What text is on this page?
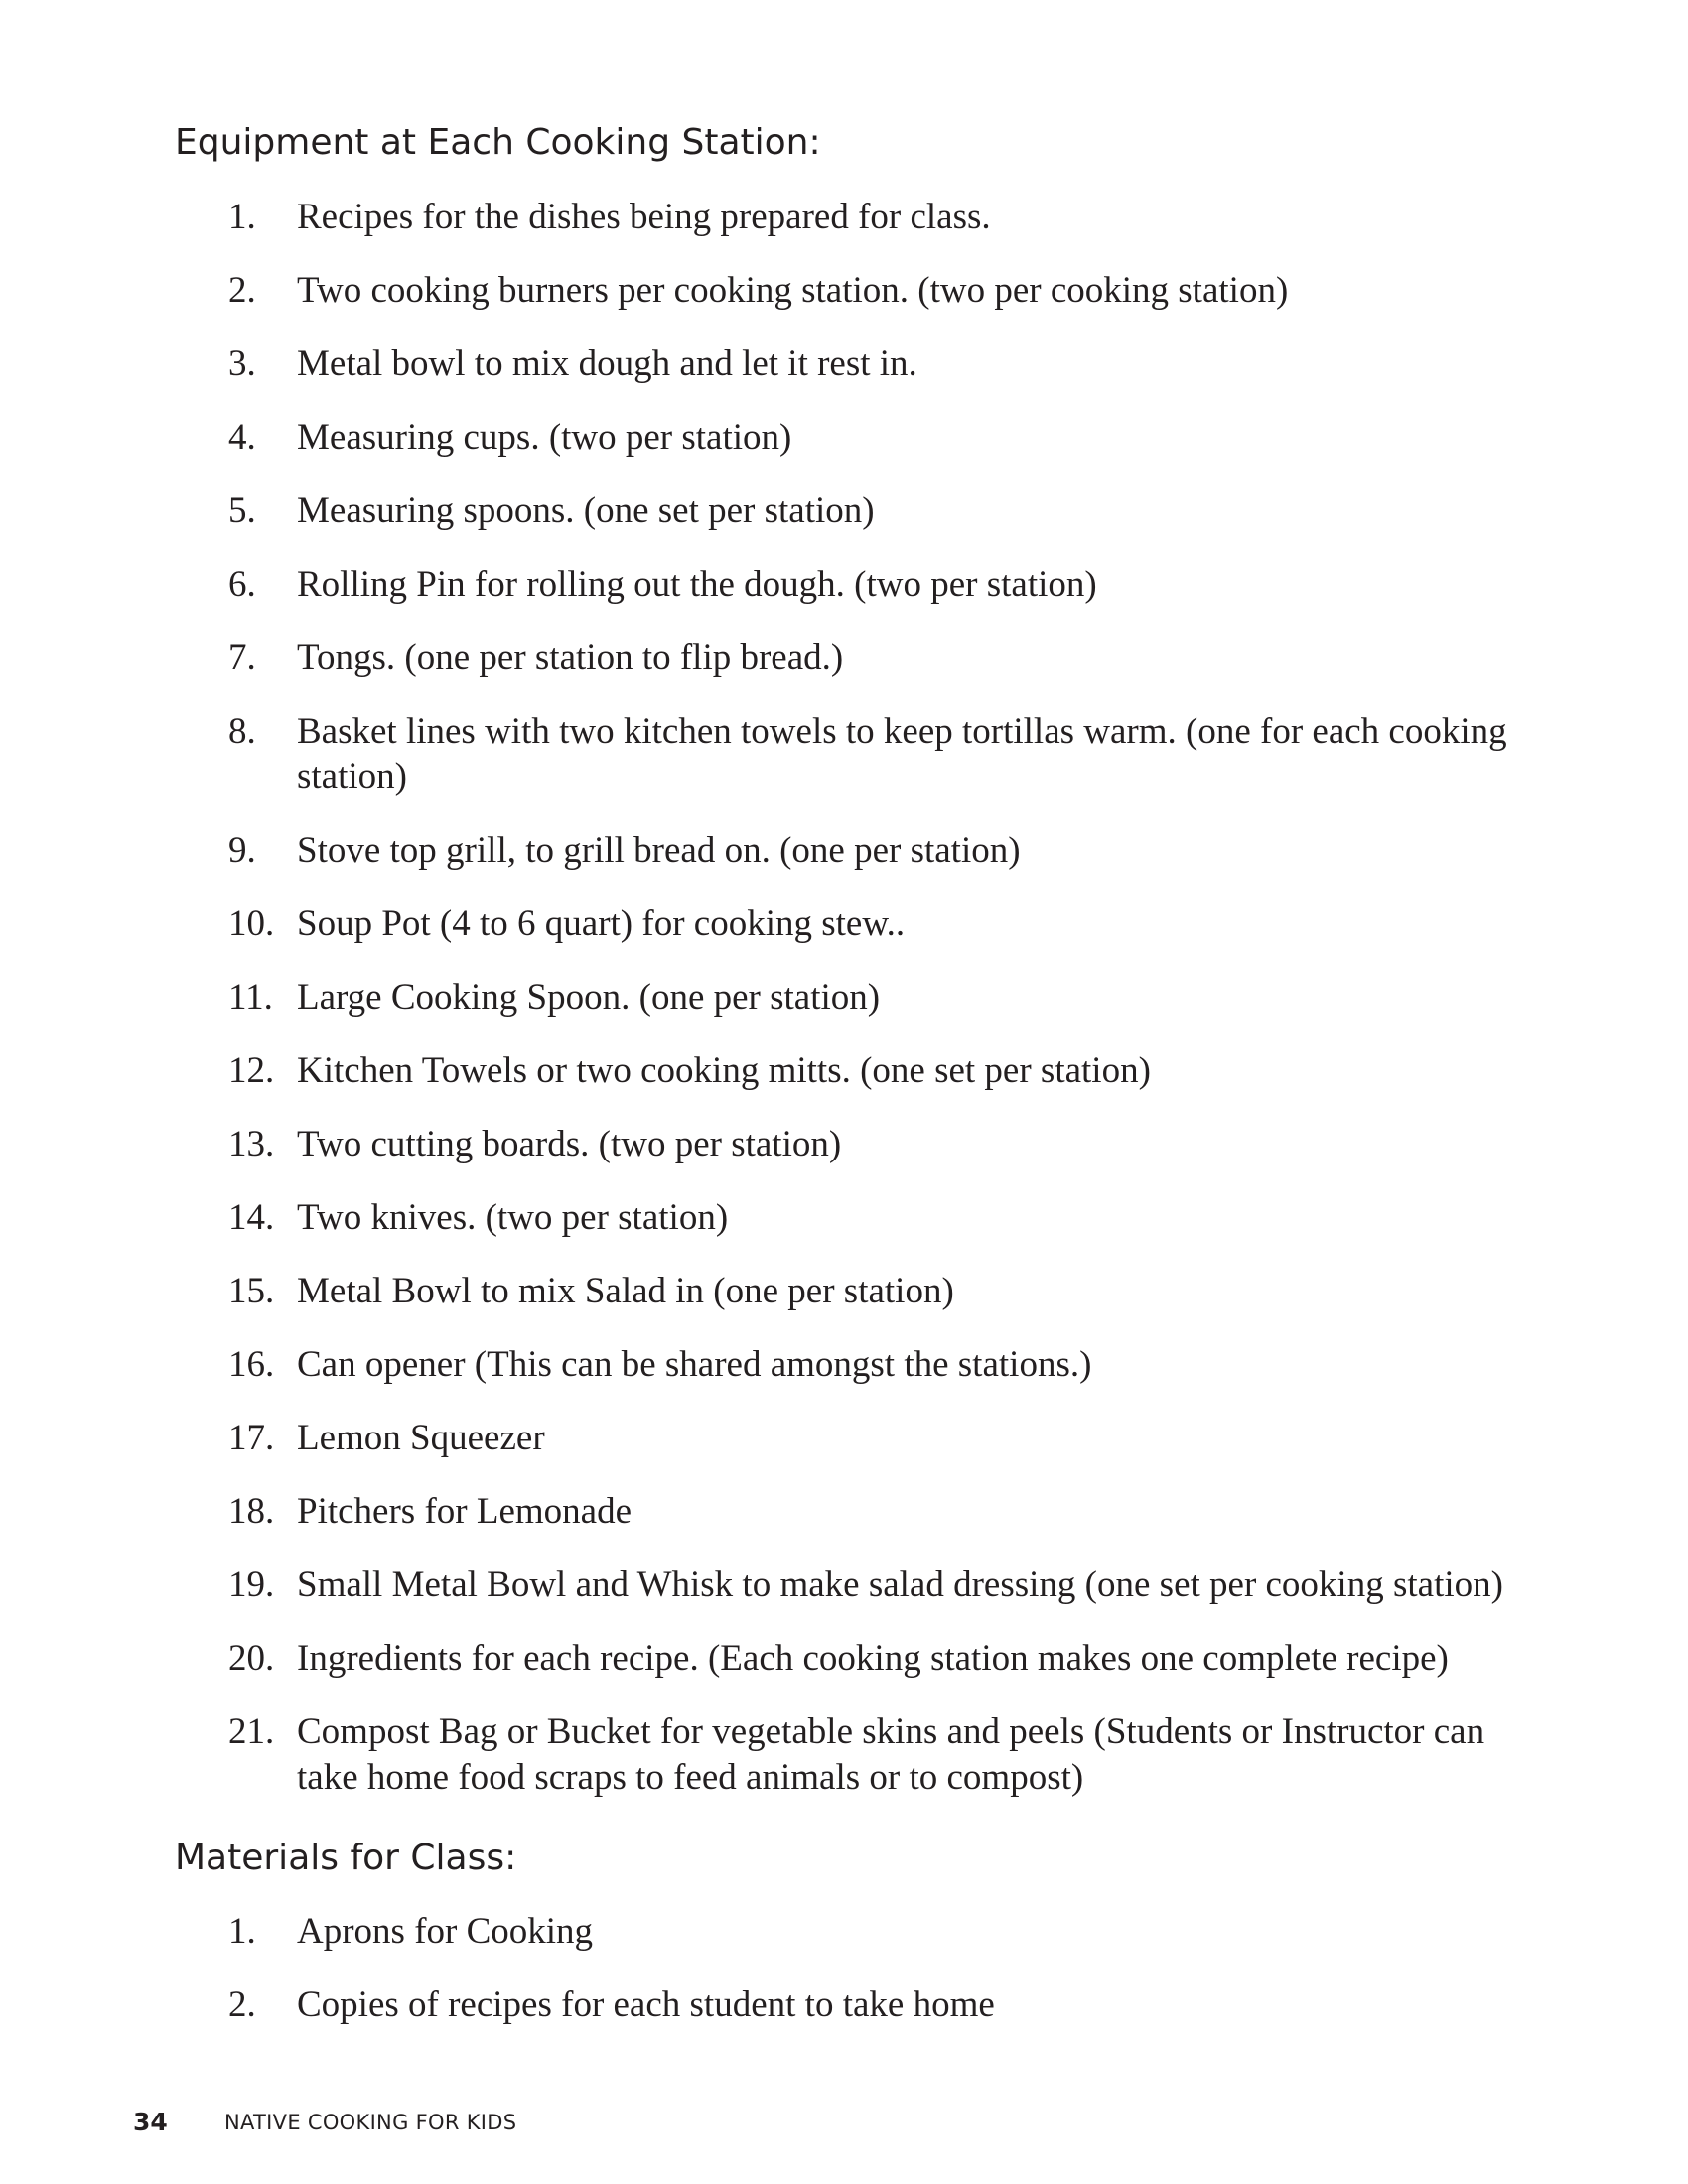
Equipment at Each Cooking Station:
1. Recipes for the dishes being prepared for class.
2. Two cooking burners per cooking station. (two per cooking station)
3. Metal bowl to mix dough and let it rest in.
4. Measuring cups. (two per station)
5. Measuring spoons. (one set per station)
6. Rolling Pin for rolling out the dough. (two per station)
7. Tongs. (one per station to flip bread.)
8. Basket lines with two kitchen towels to keep tortillas warm. (one for each cooking station)
9. Stove top grill, to grill bread on. (one per station)
10. Soup Pot (4 to 6 quart) for cooking stew..
11. Large Cooking Spoon. (one per station)
12. Kitchen Towels or two cooking mitts. (one set per station)
13. Two cutting boards. (two per station)
14. Two knives. (two per station)
15. Metal Bowl to mix Salad in (one per station)
16. Can opener (This can be shared amongst the stations.)
17. Lemon Squeezer
18. Pitchers for Lemonade
19. Small Metal Bowl and Whisk to make salad dressing (one set per cooking station)
20. Ingredients for each recipe. (Each cooking station makes one complete recipe)
21. Compost Bag or Bucket for vegetable skins and peels (Students or Instructor can take home food scraps to feed animals or to compost)
Materials for Class:
1. Aprons for Cooking
2. Copies of recipes for each student to take home
34	NATIVE COOKING FOR KIDS
